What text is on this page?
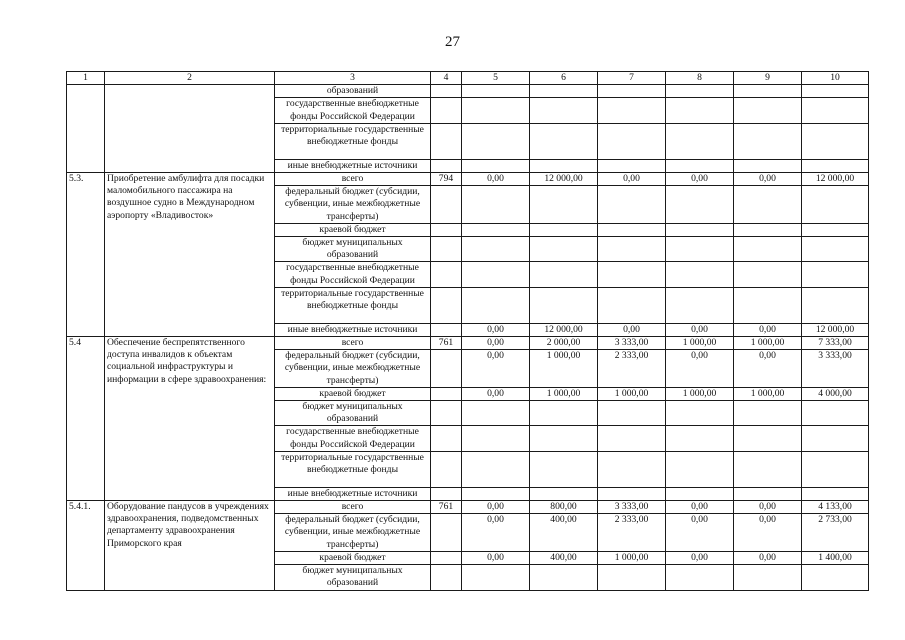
27
1	2	3	4	5	6	7	8	9	10
		образований							
		государственные внебюджетные фонды Российской Федерации							
		территориальные государственные внебюджетные фонды							
		иные внебюджетные источники							
5.3.	Приобретение амбулифта для посадки маломобильного пассажира на воздушное судно в Международном аэропорту «Владивосток»	всего	794	0,00	12 000,00	0,00	0,00	0,00	12 000,00

		федеральный бюджет (субсидии, субвенции, иные межбюджетные трансферты)							
		краевой бюджет							
		бюджет муниципальных образований							
		государственные внебюджетные фонды Российской Федерации							
		территориальные государственные внебюджетные фонды							
		иные внебюджетные источники		0,00	12 000,00	0,00	0,00	0,00	12 000,00

5.4	Обеспечение беспрепятственного доступа инвалидов к объектам социальной инфраструктуры и информации в сфере здравоохранения:	всего	761	0,00	2 000,00	3 333,00	1 000,00	1 000,00	7 333,00

		федеральный бюджет (субсидии, субвенции, иные межбюджетные трансферты)		0,00	1 000,00	2 333,00	0,00	0,00	3 333,00

		краевой бюджет		0,00	1 000,00	1 000,00	1 000,00	1 000,00	4 000,00

		бюджет муниципальных образований							
		государственные внебюджетные фонды Российской Федерации							
		территориальные государственные внебюджетные фонды							
		иные внебюджетные источники							
5.4.1.	Оборудование пандусов в учреждениях здравоохранения, подведомственных департаменту здравоохранения Приморского края	всего	761	0,00	800,00	3 333,00	0,00	0,00	4 133,00

		федеральный бюджет (субсидии, субвенции, иные межбюджетные трансферты)		0,00	400,00	2 333,00	0,00	0,00	2 733,00

		краевой бюджет		0,00	400,00	1 000,00	0,00	0,00	1 400,00

		бюджет муниципальных образований							
